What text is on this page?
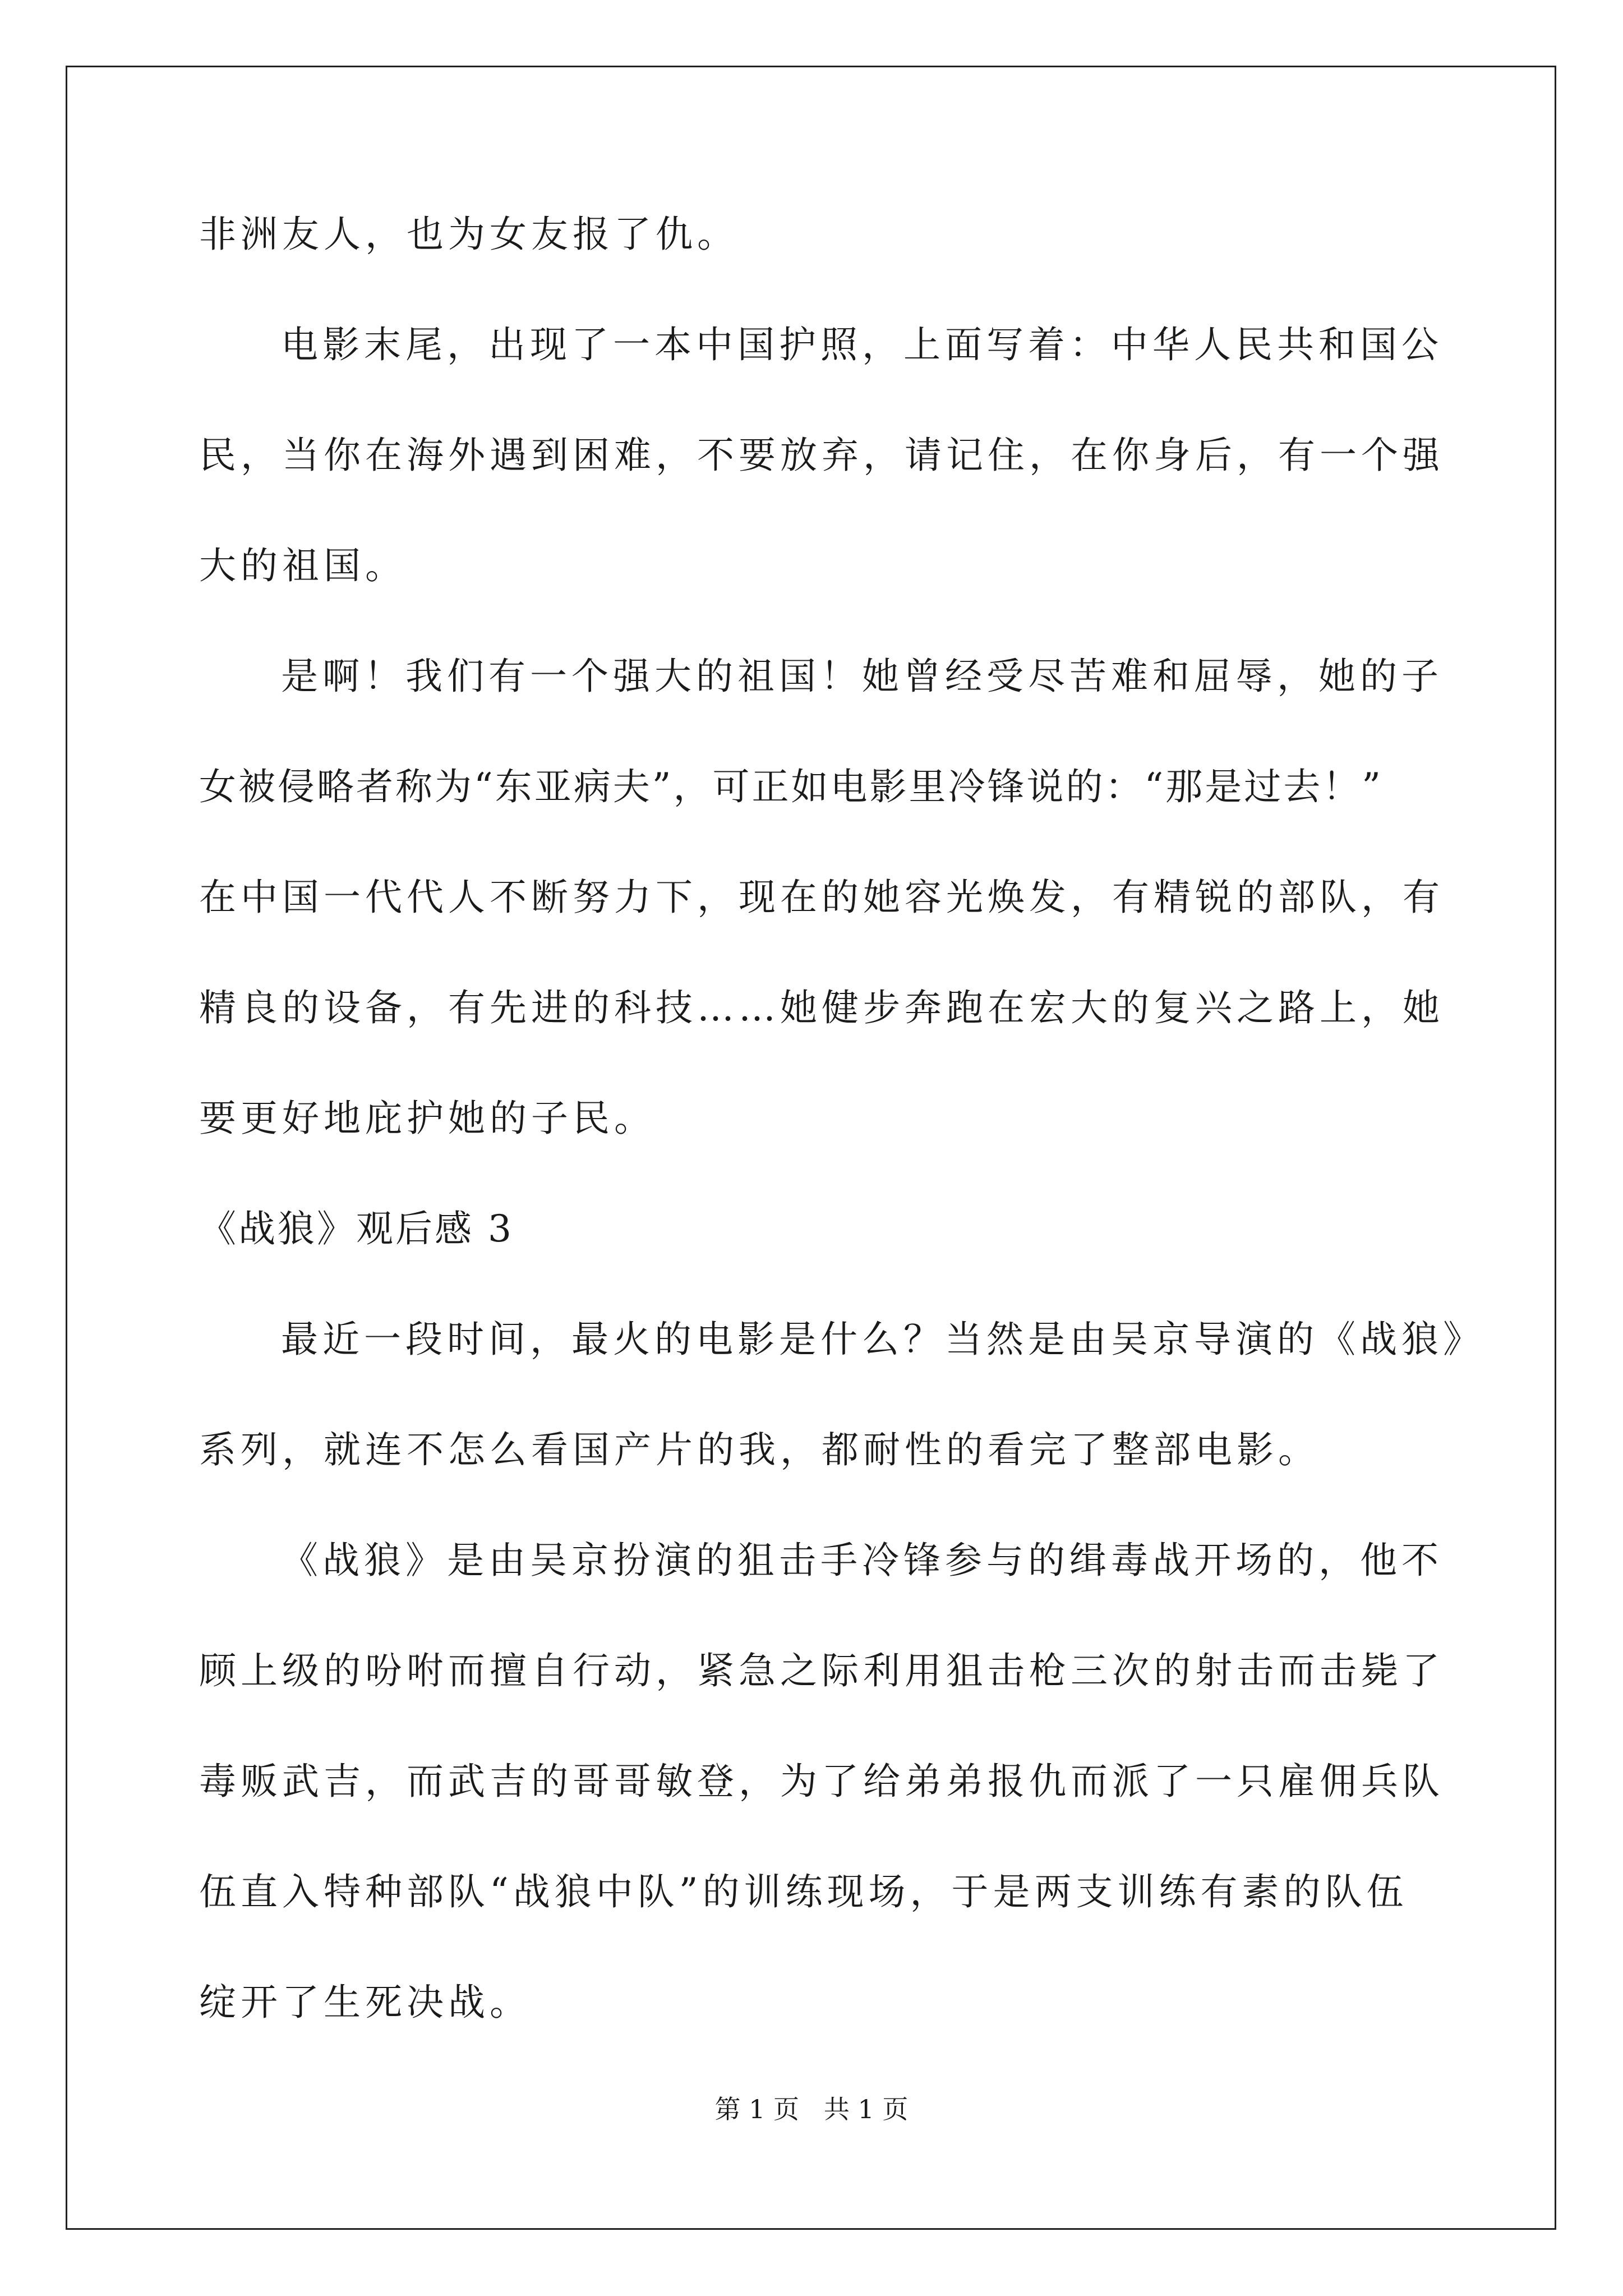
非洲友人，也为女友报了仇。
电影末尾，出现了一本中国护照，上面写着：中华人民共和国公
民，当你在海外遇到困难，不要放弃，请记住，在你身后，有一个强
大的祖国。
是啊！我们有一个强大的祖国！她曾经受尽苦难和屈辱，她的子
女被侵略者称为“东亚病夫”，可正如电影里冷锋说的：“那是过去！”
在中国一代代人不断努力下，现在的她容光焕发，有精锐的部队，有
精良的设备，有先进的科技……她健步奔跑在宏大的复兴之路上，她
要更好地庇护她的子民。
《战狼》观后感 3
最近一段时间，最火的电影是什么？当然是由吴京导演的《战狼》
系列，就连不怎么看国产片的我，都耐性的看完了整部电影。
《战狼》是由吴京扮演的狙击手冷锋参与的缉毒战开场的，他不
顾上级的吩咐而擅自行动，紧急之际利用狙击枪三次的射击而击毙了
毒贩武吉，而武吉的哥哥敏登，为了给弟弟报仇而派了一只雇佣兵队
伍直入特种部队“战狼中队”的训练现场，于是两支训练有素的队伍
绽开了生死决战。
第 1 页   共 1 页
